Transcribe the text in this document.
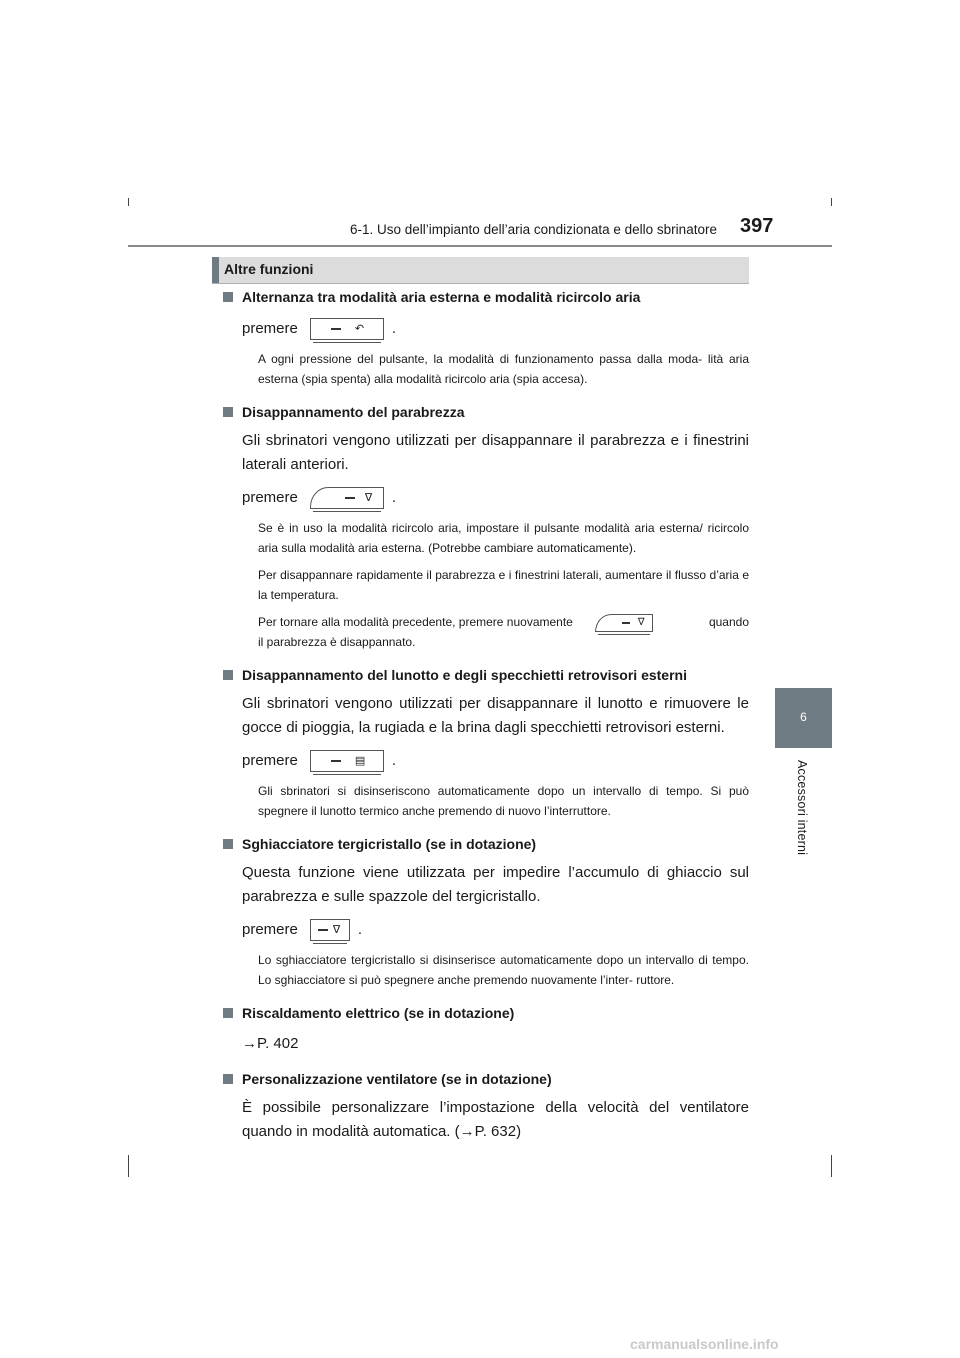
6-1. Uso dell’impianto dell’aria condizionata e dello sbrinatore 397
6
Accessori interni
Altre funzioni

Alternanza tra modalità aria esterna e modalità ricircolo aria

premere	↶ .
A ogni pressione del pulsante, la modalità di funzionamento passa dalla moda- lità aria esterna (spia spenta) alla modalità ricircolo aria (spia accesa).

Disappannamento del parabrezza

Gli sbrinatori vengono utilizzati per disappannare il parabrezza e i finestrini laterali anteriori.
premere	∇ .
Se è in uso la modalità ricircolo aria, impostare il pulsante modalità aria esterna/ ricircolo aria sulla modalità aria esterna. (Potrebbe cambiare automaticamente).
Per disappannare rapidamente il parabrezza e i finestrini laterali, aumentare il flusso d’aria e la temperatura.
Per tornare alla modalità precedente, premere nuovamente	∇	quando
il parabrezza è disappannato.

Disappannamento del lunotto e degli specchietti retrovisori esterni

Gli sbrinatori vengono utilizzati per disappannare il lunotto e rimuovere le gocce di pioggia, la rugiada e la brina dagli specchietti retrovisori esterni.
premere	▤ .
Gli sbrinatori si disinseriscono automaticamente dopo un intervallo di tempo. Si può spegnere il lunotto termico anche premendo di nuovo l’interruttore.

Sghiacciatore tergicristallo (se in dotazione)

Questa funzione viene utilizzata per impedire l’accumulo di ghiaccio sul parabrezza e sulle spazzole del tergicristallo.
premere	∇ .
Lo sghiacciatore tergicristallo si disinserisce automaticamente dopo un intervallo di tempo. Lo sghiacciatore si può spegnere anche premendo nuovamente l’inter- ruttore.

Riscaldamento elettrico (se in dotazione)

→P. 402

Personalizzazione ventilatore (se in dotazione)

È possibile personalizzare l’impostazione della velocità del ventilatore quando in modalità automatica. (→P. 632)
carmanualsonline.info
